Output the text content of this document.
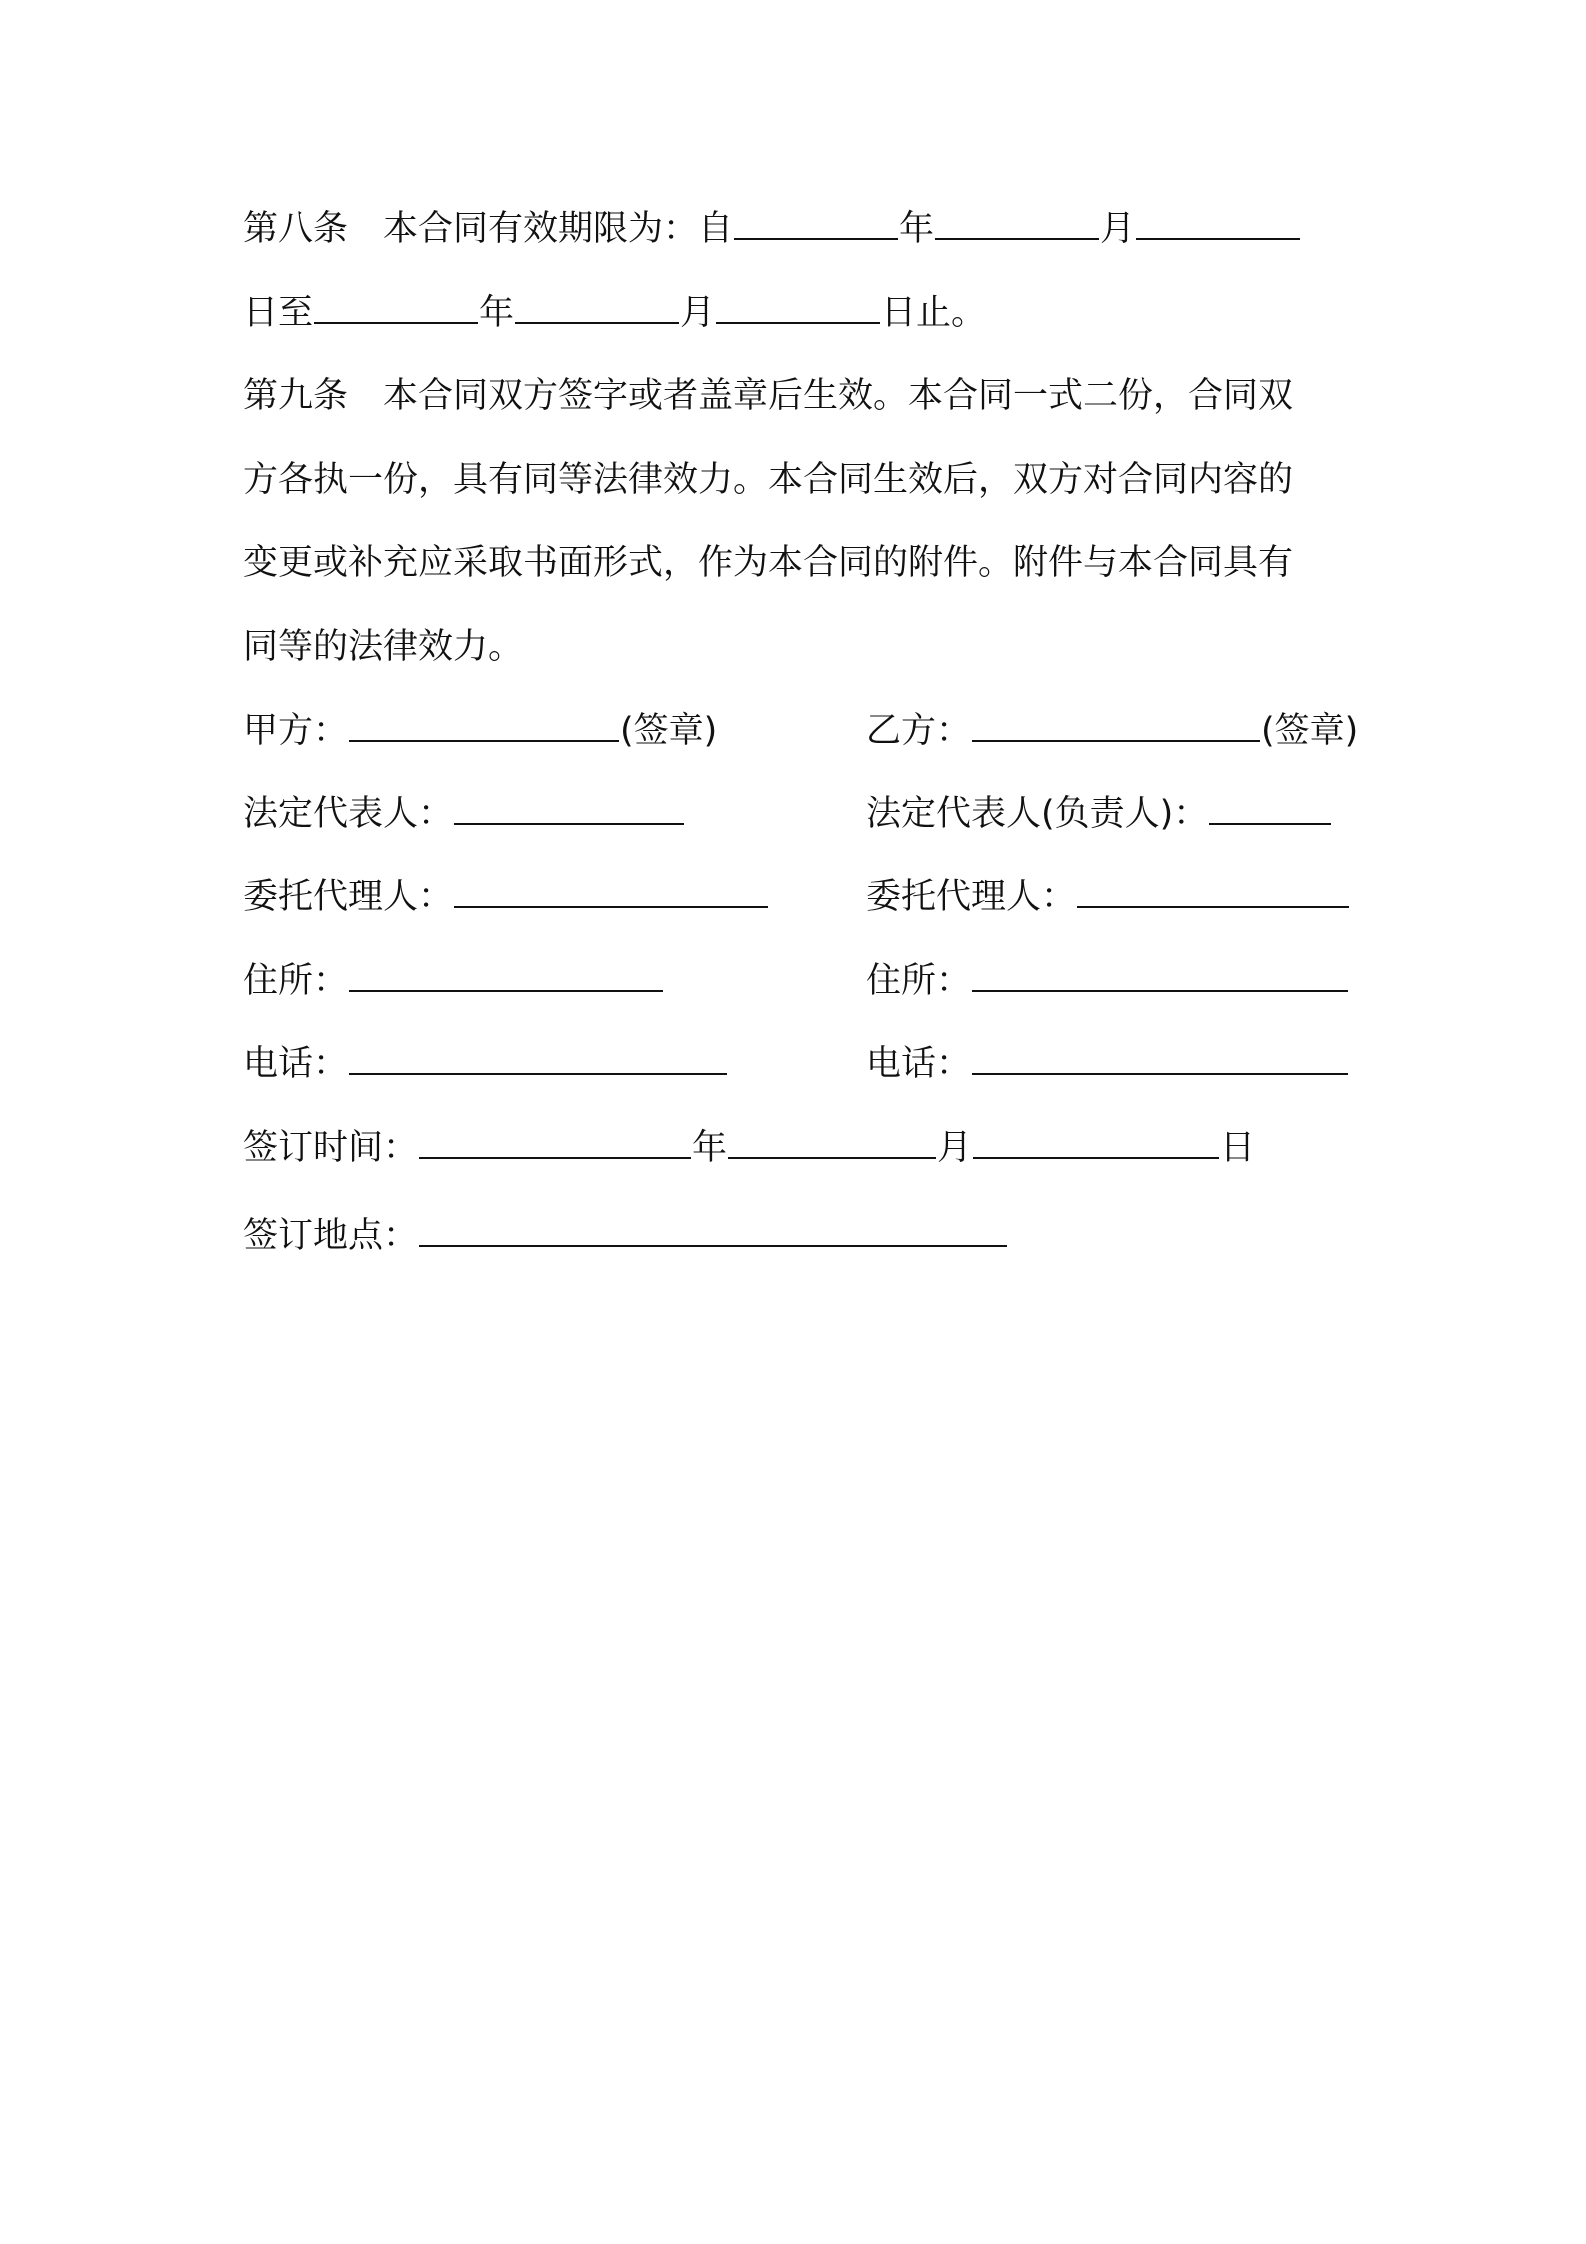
第八条　本合同有效期限为：自	年	月
日至	年	月	日止。
第九条　本合同双方签字或者盖章后生效。本合同一式二份，合同双
方各执一份，具有同等法律效力。本合同生效后，双方对合同内容的
变更或补充应采取书面形式，作为本合同的附件。附件与本合同具有
同等的法律效力。
甲方：	(签章)	乙方：	(签章)
法定代表人：	法定代表人(负责人)：
委托代理人：	委托代理人：
住所：	住所：
电话：	电话：
签订时间：	年	月	日
签订地点：
